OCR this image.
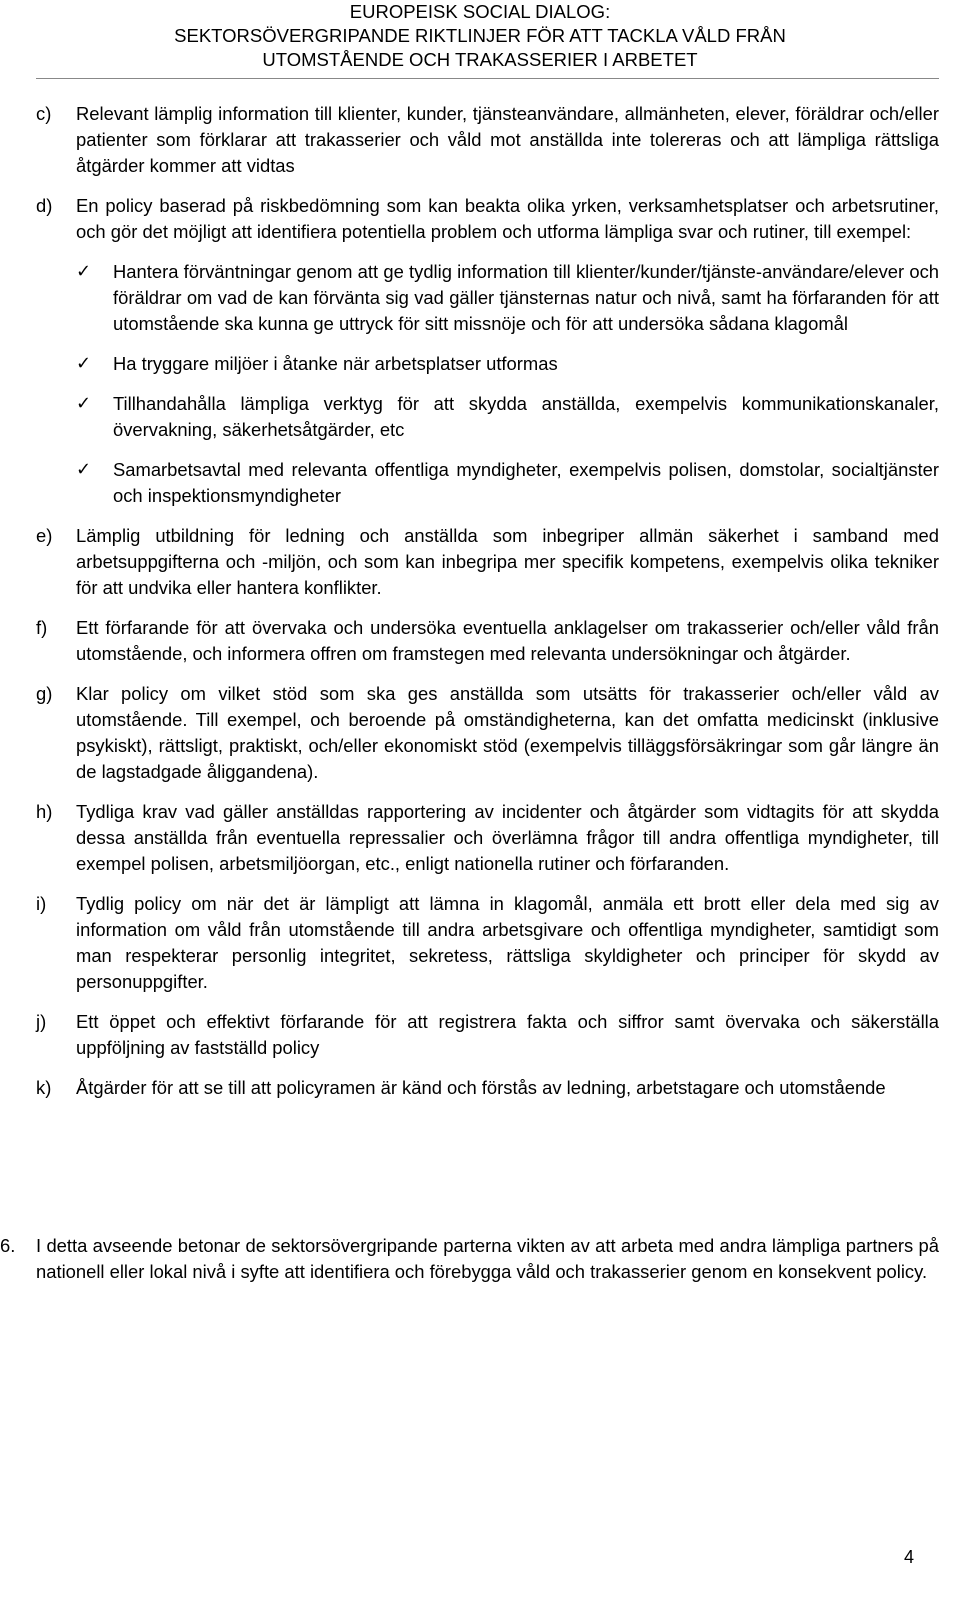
EUROPEISK SOCIAL DIALOG:
SEKTORSÖVERGRIPANDE RIKTLINJER FÖR ATT TACKLA VÅLD FRÅN
UTOMSTÅENDE OCH TRAKASSERIER I ARBETET
c)	Relevant lämplig information till klienter, kunder, tjänsteanvändare, allmänheten, elever, föräldrar och/eller patienter som förklarar att trakasserier och våld mot anställda inte tolereras och att lämpliga rättsliga åtgärder kommer att vidtas
d)	En policy baserad på riskbedömning som kan beakta olika yrken, verksamhetsplatser och arbetsrutiner, och gör det möjligt att identifiera potentiella problem och utforma lämpliga svar och rutiner, till exempel:
✓	Hantera förväntningar genom att ge tydlig information till klienter/kunder/tjänste-användare/elever och föräldrar om vad de kan förvänta sig vad gäller tjänsternas natur och nivå, samt ha förfaranden för att utomstående ska kunna ge uttryck för sitt missnöje och för att undersöka sådana klagomål
✓	Ha tryggare miljöer i åtanke när arbetsplatser utformas
✓	Tillhandahålla lämpliga verktyg för att skydda anställda, exempelvis kommunikationskanaler, övervakning, säkerhetsåtgärder, etc
✓	Samarbetsavtal med relevanta offentliga myndigheter, exempelvis polisen, domstolar, socialtjänster och inspektionsmyndigheter
e)	Lämplig utbildning för ledning och anställda som inbegriper allmän säkerhet i samband med arbetsuppgifterna och -miljön, och som kan inbegripa mer specifik kompetens, exempelvis olika tekniker för att undvika eller hantera konflikter.
f)	Ett förfarande för att övervaka och undersöka eventuella anklagelser om trakasserier och/eller våld från utomstående, och informera offren om framstegen med relevanta undersökningar och åtgärder.
g)	Klar policy om vilket stöd som ska ges anställda som utsätts för trakasserier och/eller våld av utomstående. Till exempel, och beroende på omständigheterna, kan det omfatta medicinskt (inklusive psykiskt), rättsligt, praktiskt, och/eller ekonomiskt stöd (exempelvis tilläggsförsäkringar som går längre än de lagstadgade åliggandena).
h)	Tydliga krav vad gäller anställdas rapportering av incidenter och åtgärder som vidtagits för att skydda dessa anställda från eventuella repressalier och överlämna frågor till andra offentliga myndigheter, till exempel polisen, arbetsmiljöorgan, etc., enligt nationella rutiner och förfaranden.
i)	Tydlig policy om när det är lämpligt att lämna in klagomål, anmäla ett brott eller dela med sig av information om våld från utomstående till andra arbetsgivare och offentliga myndigheter, samtidigt som man respekterar personlig integritet, sekretess, rättsliga skyldigheter och principer för skydd av personuppgifter.
j)	Ett öppet och effektivt förfarande för att registrera fakta och siffror samt övervaka och säkerställa uppföljning av fastställd policy
k)	Åtgärder för att se till att policyramen är känd och förstås av ledning, arbetstagare och utomstående
6.	I detta avseende betonar de sektorsövergripande parterna vikten av att arbeta med andra lämpliga partners på nationell eller lokal nivå i syfte att identifiera och förebygga våld och trakasserier genom en konsekvent policy.
4
